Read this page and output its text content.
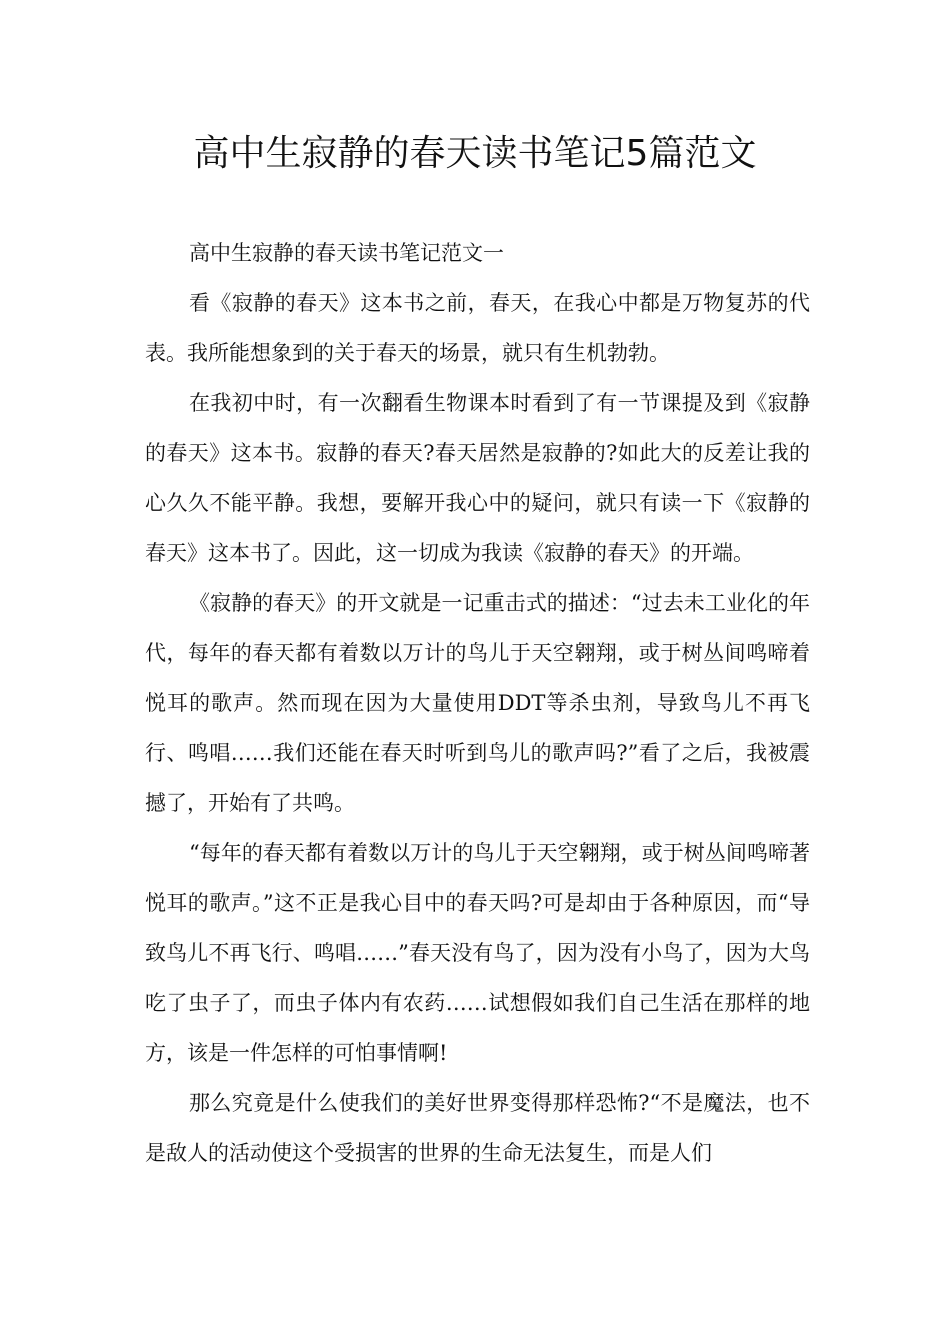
高中生寂静的春天读书笔记5篇范文

高中生寂静的春天读书笔记范文一

看《寂静的春天》这本书之前，春天，在我心中都是万物复苏的代表。我所能想象到的关于春天的场景，就只有生机勃勃。

在我初中时，有一次翻看生物课本时看到了有一节课提及到《寂静的春天》这本书。寂静的春天?春天居然是寂静的?如此大的反差让我的心久久不能平静。我想，要解开我心中的疑问，就只有读一下《寂静的春天》这本书了。因此，这一切成为我读《寂静的春天》的开端。

《寂静的春天》的开文就是一记重击式的描述：“过去未工业化的年代，每年的春天都有着数以万计的鸟儿于天空翱翔，或于树丛间鸣啼着悦耳的歌声。然而现在因为大量使用DDT等杀虫剂，导致鸟儿不再飞行、鸣唱……我们还能在春天时听到鸟儿的歌声吗?”看了之后，我被震撼了，开始有了共鸣。

“每年的春天都有着数以万计的鸟儿于天空翱翔，或于树丛间鸣啼著悦耳的歌声。”这不正是我心目中的春天吗?可是却由于各种原因，而“导致鸟儿不再飞行、鸣唱……”春天没有鸟了，因为没有小鸟了，因为大鸟吃了虫子了，而虫子体内有农药……试想假如我们自己生活在那样的地方，该是一件怎样的可怕事情啊!

那么究竟是什么使我们的美好世界变得那样恐怖?“不是魔法，也不是敌人的活动使这个受损害的世界的生命无法复生，而是人们
